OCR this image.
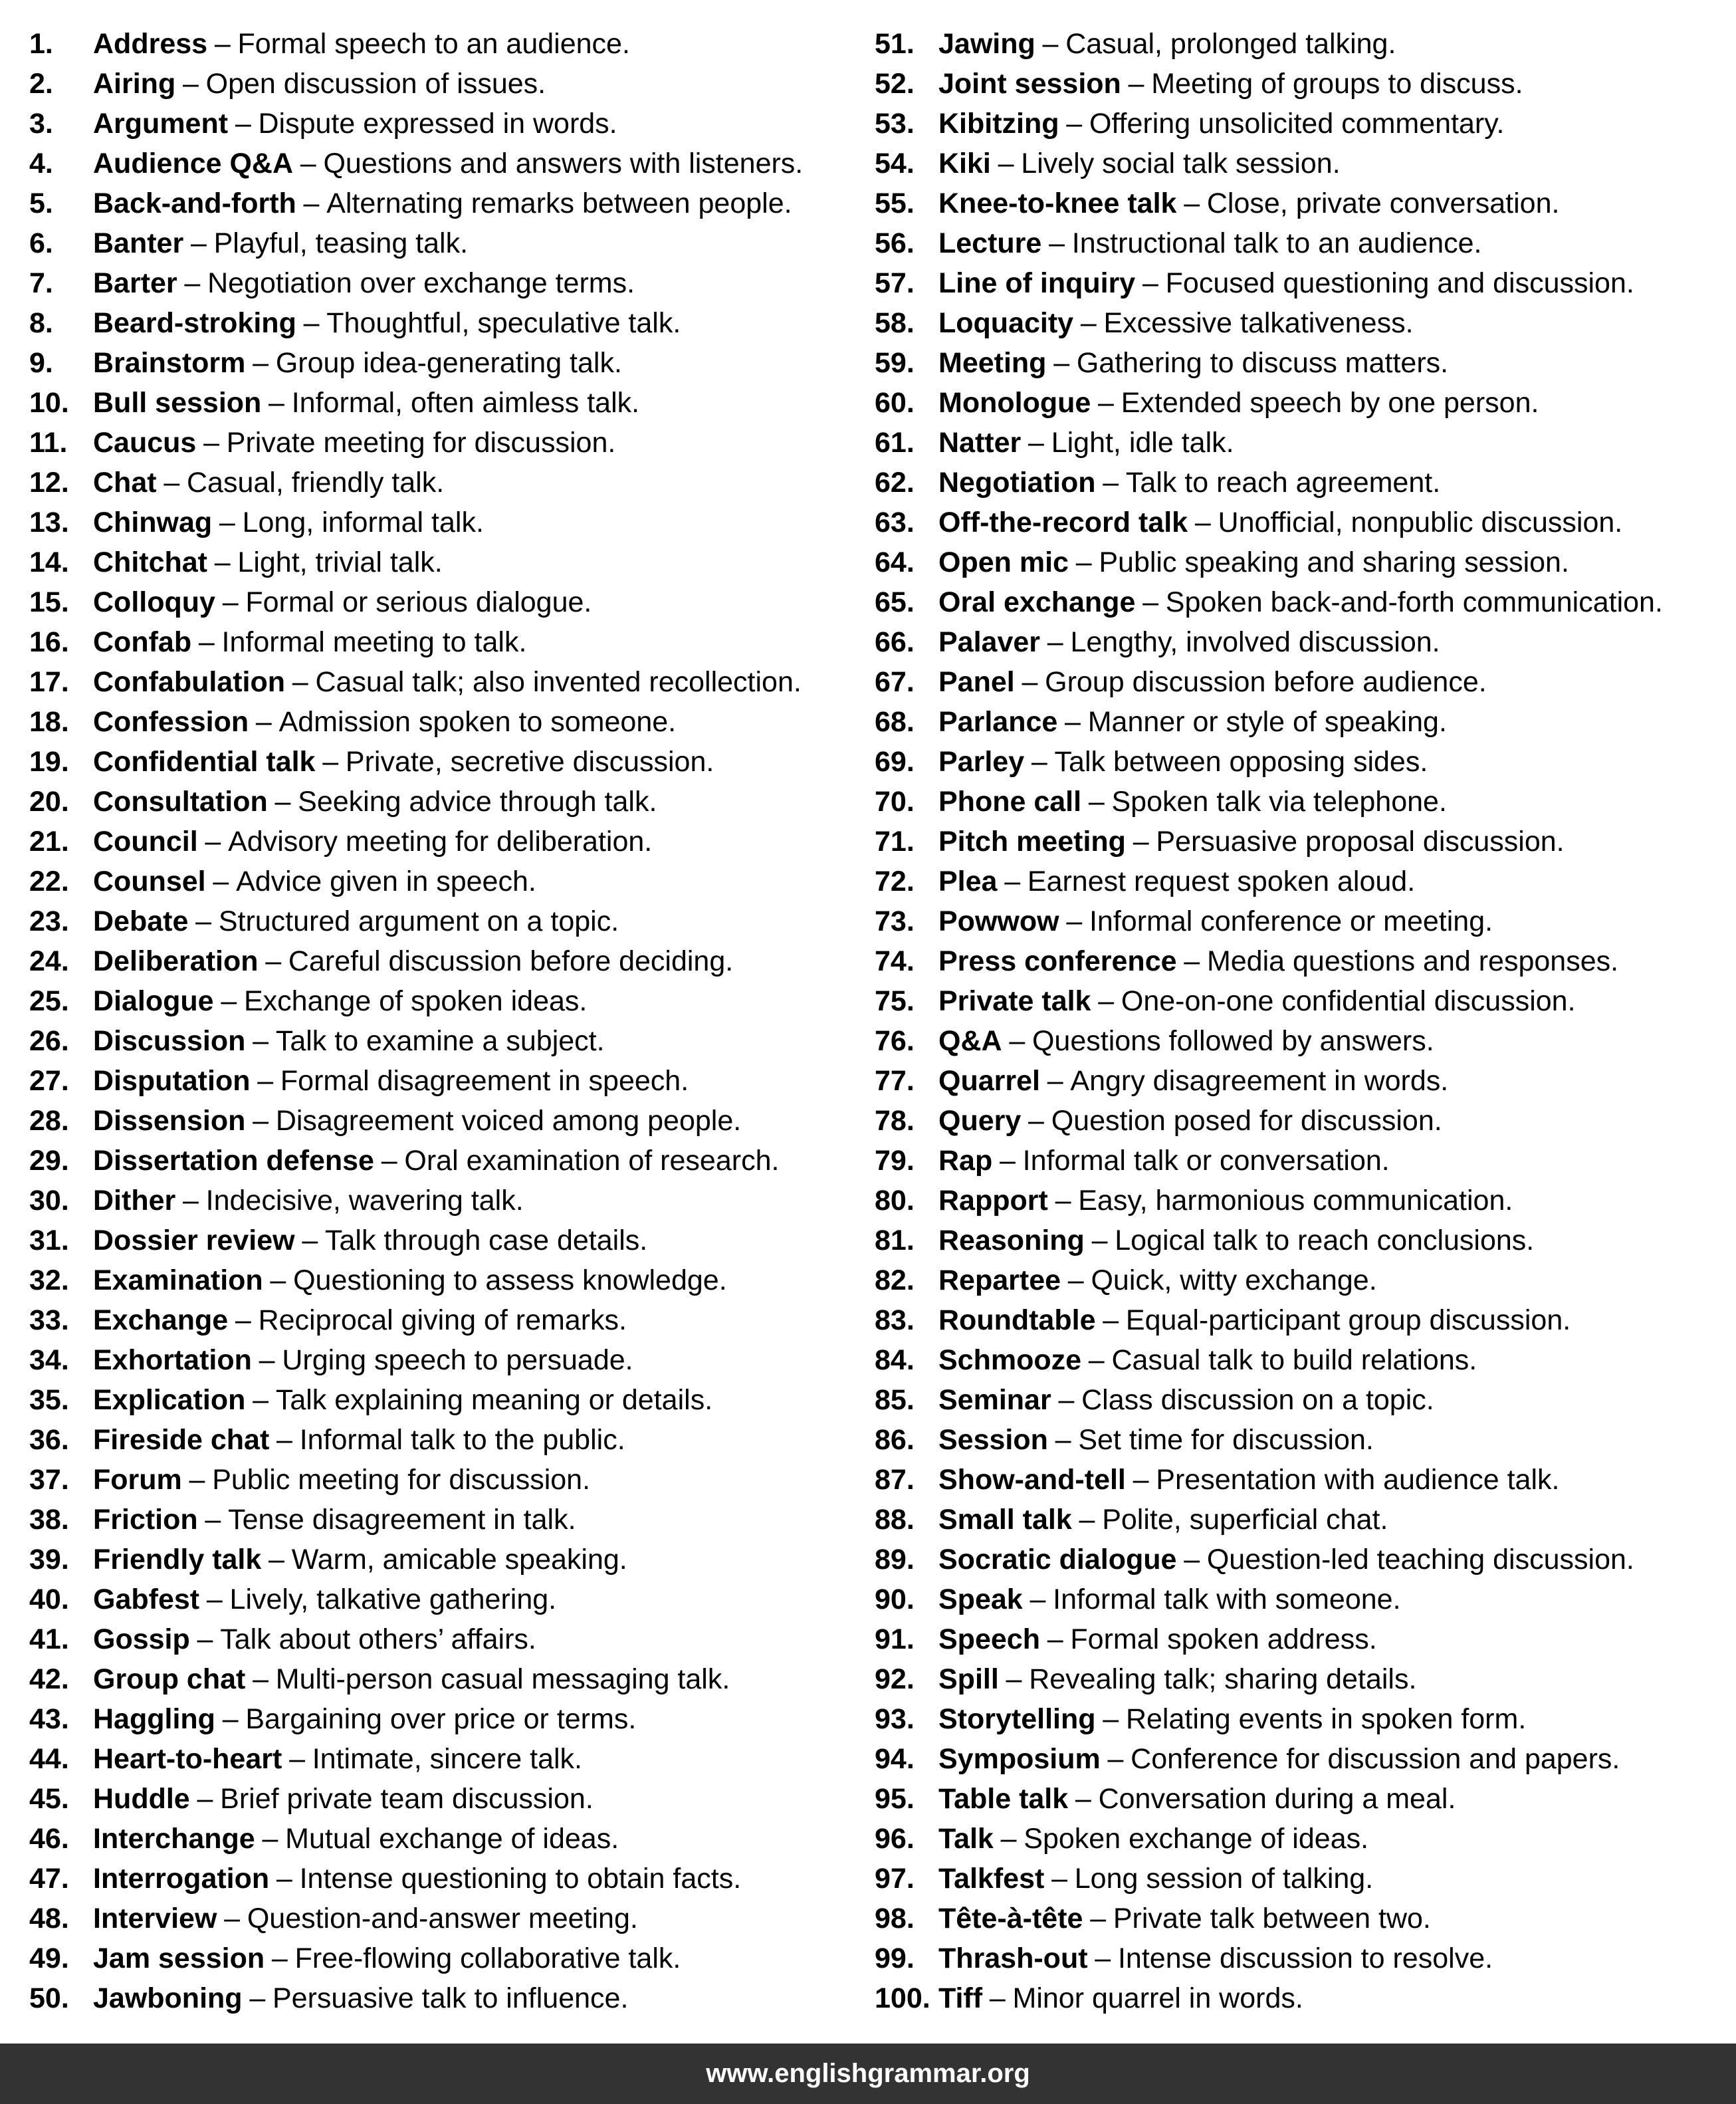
1. Address – Formal speech to an audience.
2. Airing – Open discussion of issues.
3. Argument – Dispute expressed in words.
4. Audience Q&A – Questions and answers with listeners.
5. Back-and-forth – Alternating remarks between people.
6. Banter – Playful, teasing talk.
7. Barter – Negotiation over exchange terms.
8. Beard-stroking – Thoughtful, speculative talk.
9. Brainstorm – Group idea-generating talk.
10. Bull session – Informal, often aimless talk.
11. Caucus – Private meeting for discussion.
12. Chat – Casual, friendly talk.
13. Chinwag – Long, informal talk.
14. Chitchat – Light, trivial talk.
15. Colloquy – Formal or serious dialogue.
16. Confab – Informal meeting to talk.
17. Confabulation – Casual talk; also invented recollection.
18. Confession – Admission spoken to someone.
19. Confidential talk – Private, secretive discussion.
20. Consultation – Seeking advice through talk.
21. Council – Advisory meeting for deliberation.
22. Counsel – Advice given in speech.
23. Debate – Structured argument on a topic.
24. Deliberation – Careful discussion before deciding.
25. Dialogue – Exchange of spoken ideas.
26. Discussion – Talk to examine a subject.
27. Disputation – Formal disagreement in speech.
28. Dissension – Disagreement voiced among people.
29. Dissertation defense – Oral examination of research.
30. Dither – Indecisive, wavering talk.
31. Dossier review – Talk through case details.
32. Examination – Questioning to assess knowledge.
33. Exchange – Reciprocal giving of remarks.
34. Exhortation – Urging speech to persuade.
35. Explication – Talk explaining meaning or details.
36. Fireside chat – Informal talk to the public.
37. Forum – Public meeting for discussion.
38. Friction – Tense disagreement in talk.
39. Friendly talk – Warm, amicable speaking.
40. Gabfest – Lively, talkative gathering.
41. Gossip – Talk about others’ affairs.
42. Group chat – Multi-person casual messaging talk.
43. Haggling – Bargaining over price or terms.
44. Heart-to-heart – Intimate, sincere talk.
45. Huddle – Brief private team discussion.
46. Interchange – Mutual exchange of ideas.
47. Interrogation – Intense questioning to obtain facts.
48. Interview – Question-and-answer meeting.
49. Jam session – Free-flowing collaborative talk.
50. Jawboning – Persuasive talk to influence.
51. Jawing – Casual, prolonged talking.
52. Joint session – Meeting of groups to discuss.
53. Kibitzing – Offering unsolicited commentary.
54. Kiki – Lively social talk session.
55. Knee-to-knee talk – Close, private conversation.
56. Lecture – Instructional talk to an audience.
57. Line of inquiry – Focused questioning and discussion.
58. Loquacity – Excessive talkativeness.
59. Meeting – Gathering to discuss matters.
60. Monologue – Extended speech by one person.
61. Natter – Light, idle talk.
62. Negotiation – Talk to reach agreement.
63. Off-the-record talk – Unofficial, nonpublic discussion.
64. Open mic – Public speaking and sharing session.
65. Oral exchange – Spoken back-and-forth communication.
66. Palaver – Lengthy, involved discussion.
67. Panel – Group discussion before audience.
68. Parlance – Manner or style of speaking.
69. Parley – Talk between opposing sides.
70. Phone call – Spoken talk via telephone.
71. Pitch meeting – Persuasive proposal discussion.
72. Plea – Earnest request spoken aloud.
73. Powwow – Informal conference or meeting.
74. Press conference – Media questions and responses.
75. Private talk – One-on-one confidential discussion.
76. Q&A – Questions followed by answers.
77. Quarrel – Angry disagreement in words.
78. Query – Question posed for discussion.
79. Rap – Informal talk or conversation.
80. Rapport – Easy, harmonious communication.
81. Reasoning – Logical talk to reach conclusions.
82. Repartee – Quick, witty exchange.
83. Roundtable – Equal-participant group discussion.
84. Schmooze – Casual talk to build relations.
85. Seminar – Class discussion on a topic.
86. Session – Set time for discussion.
87. Show-and-tell – Presentation with audience talk.
88. Small talk – Polite, superficial chat.
89. Socratic dialogue – Question-led teaching discussion.
90. Speak – Informal talk with someone.
91. Speech – Formal spoken address.
92. Spill – Revealing talk; sharing details.
93. Storytelling – Relating events in spoken form.
94. Symposium – Conference for discussion and papers.
95. Table talk – Conversation during a meal.
96. Talk – Spoken exchange of ideas.
97. Talkfest – Long session of talking.
98. Tête-à-tête – Private talk between two.
99. Thrash-out – Intense discussion to resolve.
100. Tiff – Minor quarrel in words.
www.englishgrammar.org
